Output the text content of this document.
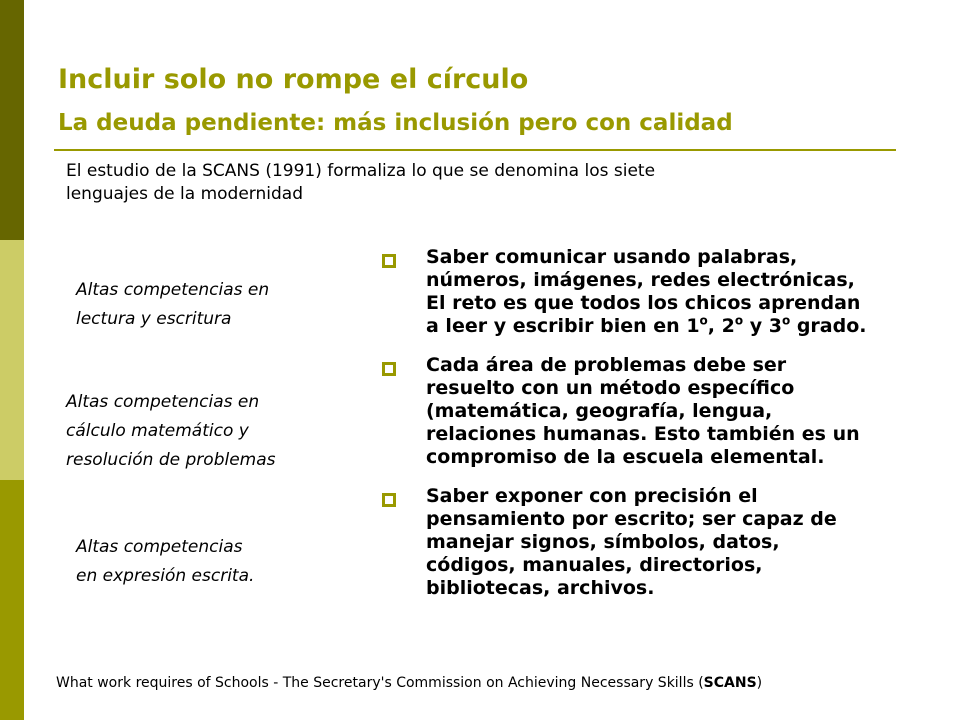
Incluir solo no rompe el círculo
La deuda pendiente: más inclusión pero con calidad
El estudio de la SCANS (1991) formaliza lo que se denomina los siete
lenguajes de la modernidad
Altas competencias en
lectura y escritura
Altas competencias en
cálculo matemático y
resolución de problemas
Altas competencias
en expresión escrita.
Saber comunicar usando palabras,
números, imágenes, redes electrónicas,
El reto es que todos los chicos aprendan
a leer y escribir bien en 1$^o$, 2$^o$ y 3$^o$ grado.
Cada área de problemas debe ser
resuelto con un método específico
(matemática, geografía, lengua,
relaciones humanas. Esto también es un
compromiso de la escuela elemental.
Saber exponer con precisión el
pensamiento por escrito; ser capaz de
manejar signos, símbolos, datos,
códigos, manuales, directorios,
bibliotecas, archivos.
What work requires of Schools - The Secretary's Commission on Achieving Necessary Skills (SCANS)
